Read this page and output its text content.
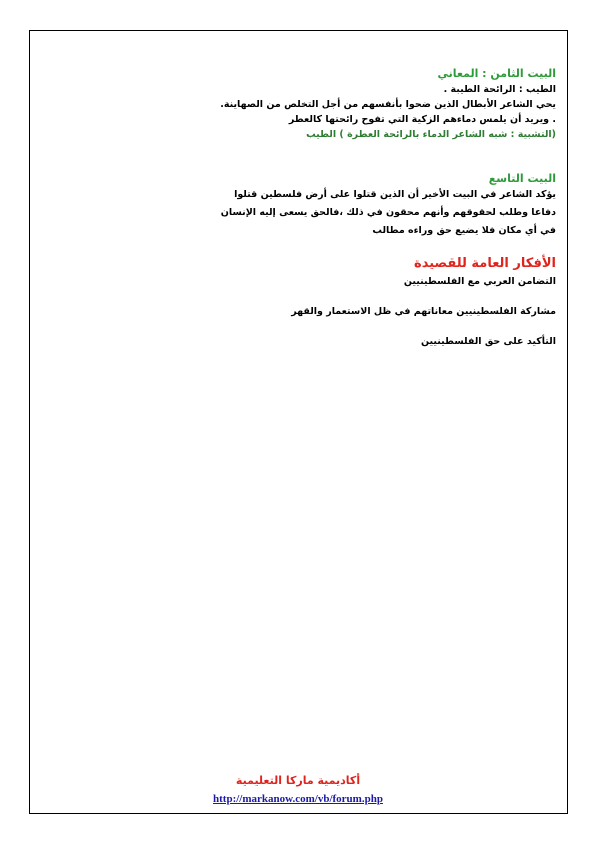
البيت الثامن : المعاني
الطيب : الرائحة الطيبة .
يحي الشاعر الأبطال الذين ضحوا بأنفسهم من أجل التخلص من الصهاينة.
. ويريد أن يلمس دماءهم الزكية التي تفوح رائحتها كالعطر
(التشبية : شبه الشاعر الدماء بالرائحة العطرة ) الطيب
البيت التاسع
يؤكد الشاعر في البيت الأخير أن الذين قتلوا على أرض فلسطين قتلوا
دفاعا وطلب لحقوقهم وأنهم محقون في ذلك ،فالحق يسعى إليه الإنسان
في أي مكان فلا يضيع حق وراءه مطالب
الأفكار العامة للقصيدة
التضامن العربي مع الفلسطينيين
مشاركة الفلسطينيين معاناتهم في ظل الاستعمار والقهر
التأكيد على حق الفلسطينيين
أكاديمية ماركا التعليمية
http://markanow.com/vb/forum.php
